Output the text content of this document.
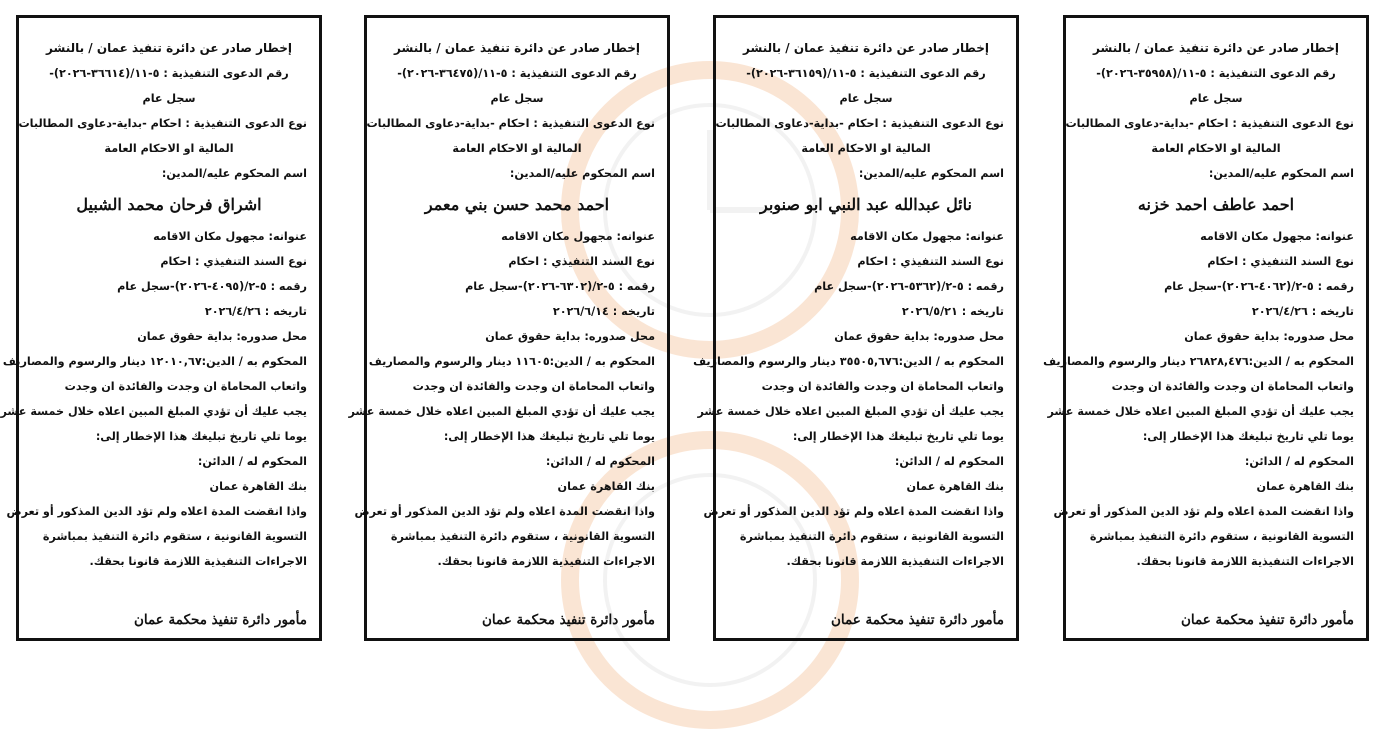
إخطار صادر عن دائرة تنفيذ عمان / بالنشر
رقم الدعوى التنفيذية : ٥-١١/(٣٥٩٥٨-٢٠٢٦)-
سجل عام
نوع الدعوى التنفيذية : احكام -بداية-دعاوى المطالبات
المالية او الاحكام العامة
اسم المحكوم عليه/المدين:
احمد عاطف احمد خزنه
عنوانه: مجهول مكان الاقامه
نوع السند التنفيذي : احكام
رقمه : ٥-٢/(٤٠٦٢-٢٠٢٦)-سجل عام
تاريخه : ٢٠٢٦/٤/٢٦
محل صدوره: بداية حقوق عمان
المحكوم به / الدين:٢٦٨٢٨,٤٧٦ دينار والرسوم والمصاريف
واتعاب المحاماة ان وجدت والفائدة ان وجدت
يجب عليك أن تؤدي المبلغ المبين اعلاه خلال خمسة عشر
يوما تلي تاريخ تبليغك هذا الإخطار إلى:
المحكوم له / الدائن:
بنك القاهرة عمان
واذا انقضت المدة اعلاه ولم تؤد الدين المذكور أو تعرض
التسوية القانونية ، ستقوم دائرة التنفيذ بمباشرة
الاجراءات التنفيذية اللازمة قانونا بحقك.
مأمور دائرة تنفيذ محكمة عمان
إخطار صادر عن دائرة تنفيذ عمان / بالنشر
رقم الدعوى التنفيذية : ٥-١١/(٣٦١٥٩-٢٠٢٦)-
سجل عام
نوع الدعوى التنفيذية : احكام -بداية-دعاوى المطالبات
المالية او الاحكام العامة
اسم المحكوم عليه/المدين:
نائل عبدالله عبد النبي ابو صنوبر
عنوانه: مجهول مكان الاقامه
نوع السند التنفيذي : احكام
رقمه : ٥-٢/(٥٣٦٢-٢٠٢٦)-سجل عام
تاريخه : ٢٠٢٦/٥/٢١
محل صدوره: بداية حقوق عمان
المحكوم به / الدين:٣٥٥٠٥,٦٧٦ دينار والرسوم والمصاريف
واتعاب المحاماة ان وجدت والفائدة ان وجدت
يجب عليك أن تؤدي المبلغ المبين اعلاه خلال خمسة عشر
يوما تلي تاريخ تبليغك هذا الإخطار إلى:
المحكوم له / الدائن:
بنك القاهرة عمان
واذا انقضت المدة اعلاه ولم تؤد الدين المذكور أو تعرض
التسوية القانونية ، ستقوم دائرة التنفيذ بمباشرة
الاجراءات التنفيذية اللازمة قانونا بحقك.
مأمور دائرة تنفيذ محكمة عمان
إخطار صادر عن دائرة تنفيذ عمان / بالنشر
رقم الدعوى التنفيذية : ٥-١١/(٣٦٤٧٥-٢٠٢٦)-
سجل عام
نوع الدعوى التنفيذية : احكام -بداية-دعاوى المطالبات
المالية او الاحكام العامة
اسم المحكوم عليه/المدين:
احمد محمد حسن بني معمر
عنوانه: مجهول مكان الاقامه
نوع السند التنفيذي : احكام
رقمه : ٥-٢/(٦٣٠٢-٢٠٢٦)-سجل عام
تاريخه : ٢٠٢٦/٦/١٤
محل صدوره: بداية حقوق عمان
المحكوم به / الدين:١١٦٠٥ دينار والرسوم والمصاريف
واتعاب المحاماة ان وجدت والفائدة ان وجدت
يجب عليك أن تؤدي المبلغ المبين اعلاه خلال خمسة عشر
يوما تلي تاريخ تبليغك هذا الإخطار إلى:
المحكوم له / الدائن:
بنك القاهرة عمان
واذا انقضت المدة اعلاه ولم تؤد الدين المذكور أو تعرض
التسوية القانونية ، ستقوم دائرة التنفيذ بمباشرة
الاجراءات التنفيذية اللازمة قانونا بحقك.
مأمور دائرة تنفيذ محكمة عمان
إخطار صادر عن دائرة تنفيذ عمان / بالنشر
رقم الدعوى التنفيذية : ٥-١١/(٣٦٦١٤-٢٠٢٦)-
سجل عام
نوع الدعوى التنفيذية : احكام -بداية-دعاوى المطالبات
المالية او الاحكام العامة
اسم المحكوم عليه/المدين:
اشراق فرحان محمد الشبيل
عنوانه: مجهول مكان الاقامه
نوع السند التنفيذي : احكام
رقمه : ٥-٢/(٤٠٩٥-٢٠٢٦)-سجل عام
تاريخه : ٢٠٢٦/٤/٢٦
محل صدوره: بداية حقوق عمان
المحكوم به / الدين:١٢٠١٠,٦٧ دينار والرسوم والمصاريف
واتعاب المحاماة ان وجدت والفائدة ان وجدت
يجب عليك أن تؤدي المبلغ المبين اعلاه خلال خمسة عشر
يوما تلي تاريخ تبليغك هذا الإخطار إلى:
المحكوم له / الدائن:
بنك القاهرة عمان
واذا انقضت المدة اعلاه ولم تؤد الدين المذكور أو تعرض
التسوية القانونية ، ستقوم دائرة التنفيذ بمباشرة
الاجراءات التنفيذية اللازمة قانونا بحقك.
مأمور دائرة تنفيذ محكمة عمان
